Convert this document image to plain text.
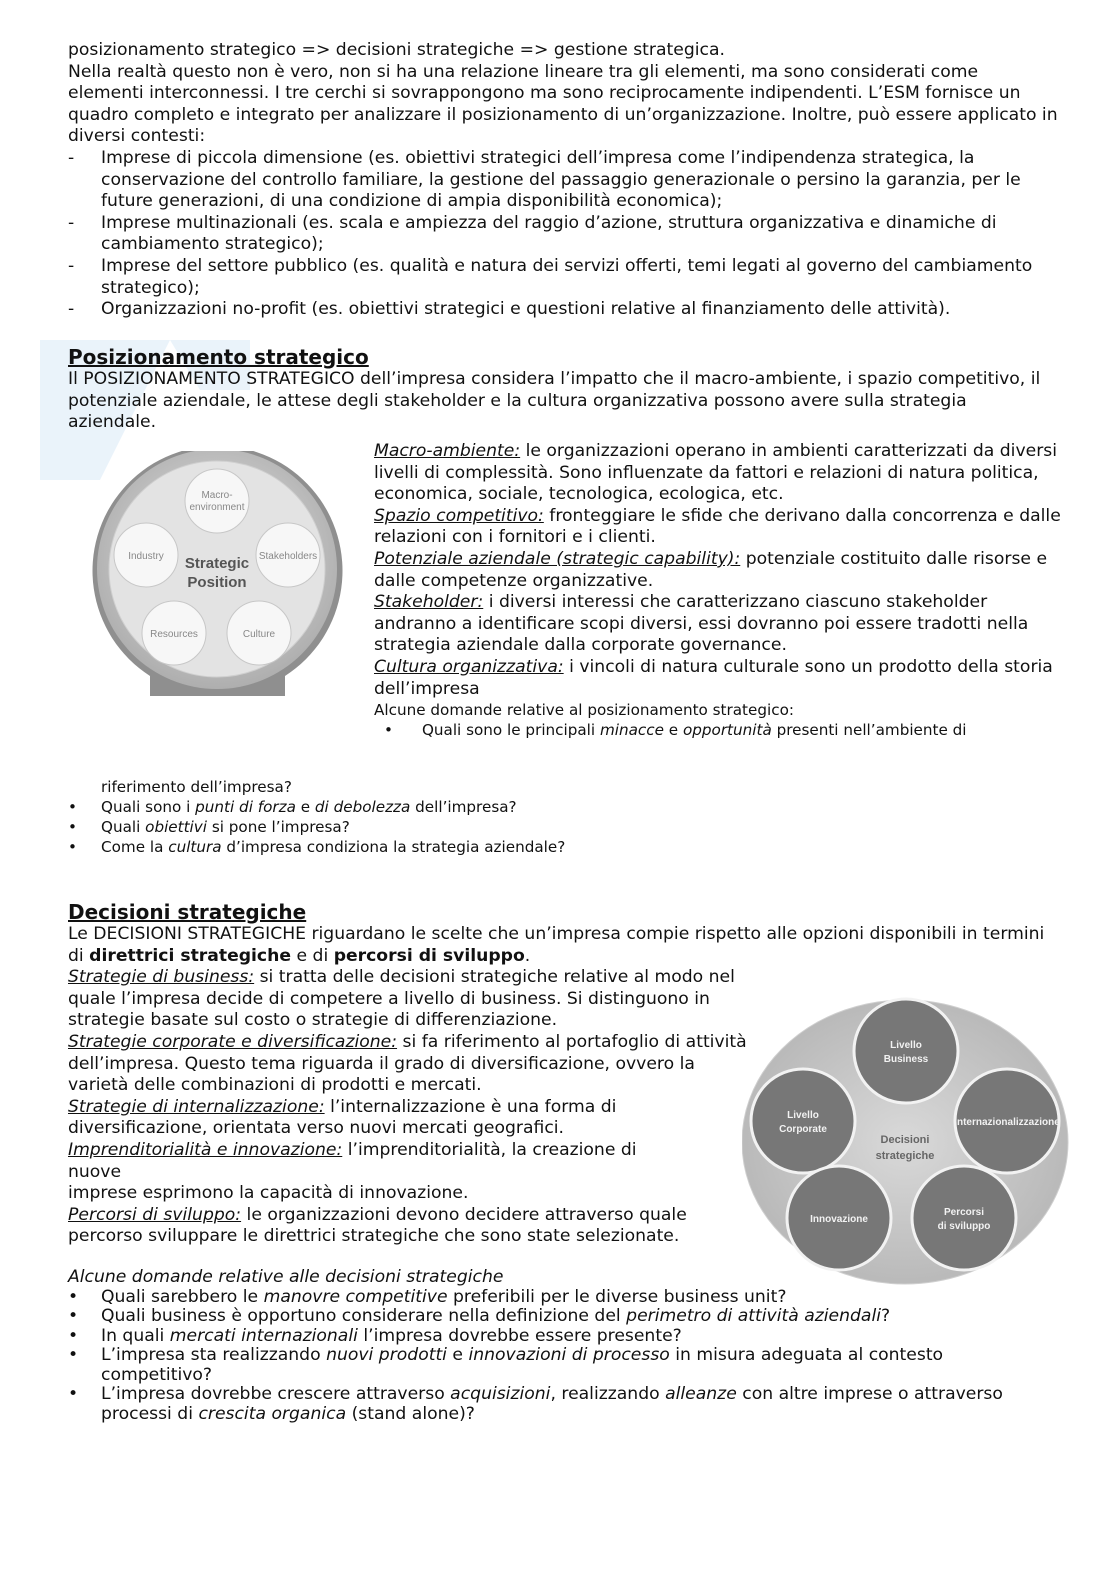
posizionamento strategico => decisioni strategiche => gestione strategica.

Nella realtà questo non è vero, non si ha una relazione lineare tra gli elementi, ma sono considerati come elementi interconnessi. I tre cerchi si sovrappongono ma sono reciprocamente indipendenti. L’ESM fornisce un quadro completo e integrato per analizzare il posizionamento di un’organizzazione. Inoltre, può essere applicato in diversi contesti:

- Imprese di piccola dimensione (es. obiettivi strategici dell’impresa come l’indipendenza strategica, la conservazione del controllo familiare, la gestione del passaggio generazionale o persino la garanzia, per le future generazioni, di una condizione di ampia disponibilità economica);
- Imprese multinazionali (es. scala e ampiezza del raggio d’azione, struttura organizzativa e dinamiche di cambiamento strategico);
- Imprese del settore pubblico (es. qualità e natura dei servizi offerti, temi legati al governo del cambiamento strategico);
- Organizzazioni no-profit (es. obiettivi strategici e questioni relative al finanziamento delle attività).
Posizionamento strategico

Il POSIZIONAMENTO STRATEGICO dell’impresa considera l’impatto che il macro-ambiente, i spazio competitivo, il potenziale aziendale, le attese degli stakeholder e la cultura organizzativa possono avere sulla strategia aziendale.

Macro-
environment
Industry	Stakeholders
Resources	Culture
Strategic
Position

Macro-ambiente: le organizzazioni operano in ambienti caratterizzati da diversi livelli di complessità. Sono influenzate da fattori e relazioni di natura politica, economica, sociale, tecnologica, ecologica, etc.

Spazio competitivo: fronteggiare le sfide che derivano dalla concorrenza e dalle relazioni con i fornitori e i clienti.

Potenziale aziendale (strategic capability): potenziale costituito dalle risorse e dalle competenze organizzative.

Stakeholder: i diversi interessi che caratterizzano ciascuno stakeholder andranno a identificare scopi diversi, essi dovranno poi essere tradotti nella strategia aziendale dalla corporate governance.

Cultura organizzativa: i vincoli di natura culturale sono un prodotto della storia dell’impresa

Alcune domande relative al posizionamento strategico:

•      Quali sono le principali minacce e opportunità presenti nell’ambiente di

riferimento dell’impresa?

• Quali sono i punti di forza e di debolezza dell’impresa?
• Quali obiettivi si pone l’impresa?
• Come la cultura d’impresa condiziona la strategia aziendale?
Decisioni strategiche

Le DECISIONI STRATEGICHE riguardano le scelte che un’impresa compie rispetto alle opzioni disponibili in termini di direttrici strategiche e di percorsi di sviluppo.

Strategie di business: si tratta delle decisioni strategiche relative al modo nel quale l’impresa decide di competere a livello di business. Si distinguono in strategie basate sul costo o strategie di differenziazione.

Strategie corporate e diversificazione: si fa riferimento al portafoglio di attività dell’impresa. Questo tema riguarda il grado di diversificazione, ovvero la varietà delle combinazioni di prodotti e mercati.

Strategie di internalizzazione: l’internalizzazione è una forma di diversificazione, orientata verso nuovi mercati geografici.

Imprenditorialità e innovazione: l’imprenditorialità, la creazione di nuove

imprese esprimono la capacità di innovazione.

Percorsi di sviluppo: le organizzazioni devono decidere attraverso quale percorso sviluppare le direttrici strategiche che sono state selezionate.

Livello
Business
Livello
Corporate
Internazionalizzazione
Innovazione
Percorsi
di sviluppo
Decisioni
strategiche

Alcune domande relative alle decisioni strategiche

• Quali sarebbero le manovre competitive preferibili per le diverse business unit?
• Quali business è opportuno considerare nella definizione del perimetro di attività aziendali?
• In quali mercati internazionali l’impresa dovrebbe essere presente?
• L’impresa sta realizzando nuovi prodotti e innovazioni di processo in misura adeguata al contesto competitivo?
• L’impresa dovrebbe crescere attraverso acquisizioni, realizzando alleanze con altre imprese o attraverso processi di crescita organica (stand alone)?
